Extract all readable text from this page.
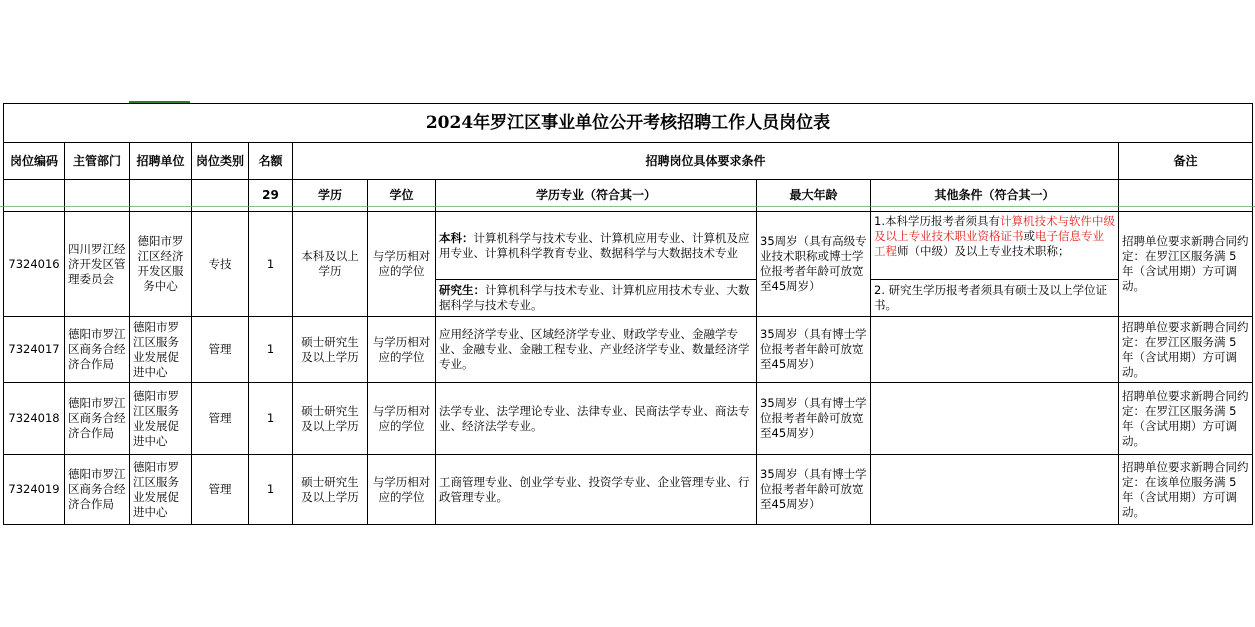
2024年罗江区事业单位公开考核招聘工作人员岗位表										
岗位编码	主管部门	招聘单位	岗位类别	名额	招聘岗位具体要求条件					备注
				29	学历	学位	学历专业（符合其一）	最大年龄	其他条件（符合其一）	
7324016	四川罗江经济开发区管理委员会	德阳市罗江区经济开发区服务中心	专技	1	本科及以上学历	与学历相对应的学位	本科：计算机科学与技术专业、计算机应用专业、计算机及应用专业、计算机科学教育专业、数据科学与大数据技术专业	35周岁（具有高级专业技术职称或博士学位报考者年龄可放宽至45周岁）	1.本科学历报考者须具有计算机技术与软件中级及以上专业技术职业资格证书或电子信息专业工程师（中级）及以上专业技术职称；	招聘单位要求新聘合同约定：在罗江区服务满 5 年（含试用期）方可调动。
							研究生：计算机科学与技术专业、计算机应用技术专业、大数据科学与技术专业。		2. 研究生学历报考者须具有硕士及以上学位证书。	
7324017	德阳市罗江区商务合经济合作局	德阳市罗江区服务业发展促进中心	管理	1	硕士研究生及以上学历	与学历相对应的学位	应用经济学专业、区域经济学专业、财政学专业、金融学专业、金融专业、金融工程专业、产业经济学专业、数量经济学专业。	35周岁（具有博士学位报考者年龄可放宽至45周岁）		招聘单位要求新聘合同约定：在罗江区服务满 5 年（含试用期）方可调动。
7324018	德阳市罗江区商务合经济合作局	德阳市罗江区服务业发展促进中心	管理	1	硕士研究生及以上学历	与学历相对应的学位	法学专业、法学理论专业、法律专业、民商法学专业、商法专业、经济法学专业。	35周岁（具有博士学位报考者年龄可放宽至45周岁）		招聘单位要求新聘合同约定：在罗江区服务满 5 年（含试用期）方可调动。
7324019	德阳市罗江区商务合经济合作局	德阳市罗江区服务业发展促进中心	管理	1	硕士研究生及以上学历	与学历相对应的学位	工商管理专业、创业学专业、投资学专业、企业管理专业、行政管理专业。	35周岁（具有博士学位报考者年龄可放宽至45周岁）		招聘单位要求新聘合同约定：在该单位服务满 5 年（含试用期）方可调动。
